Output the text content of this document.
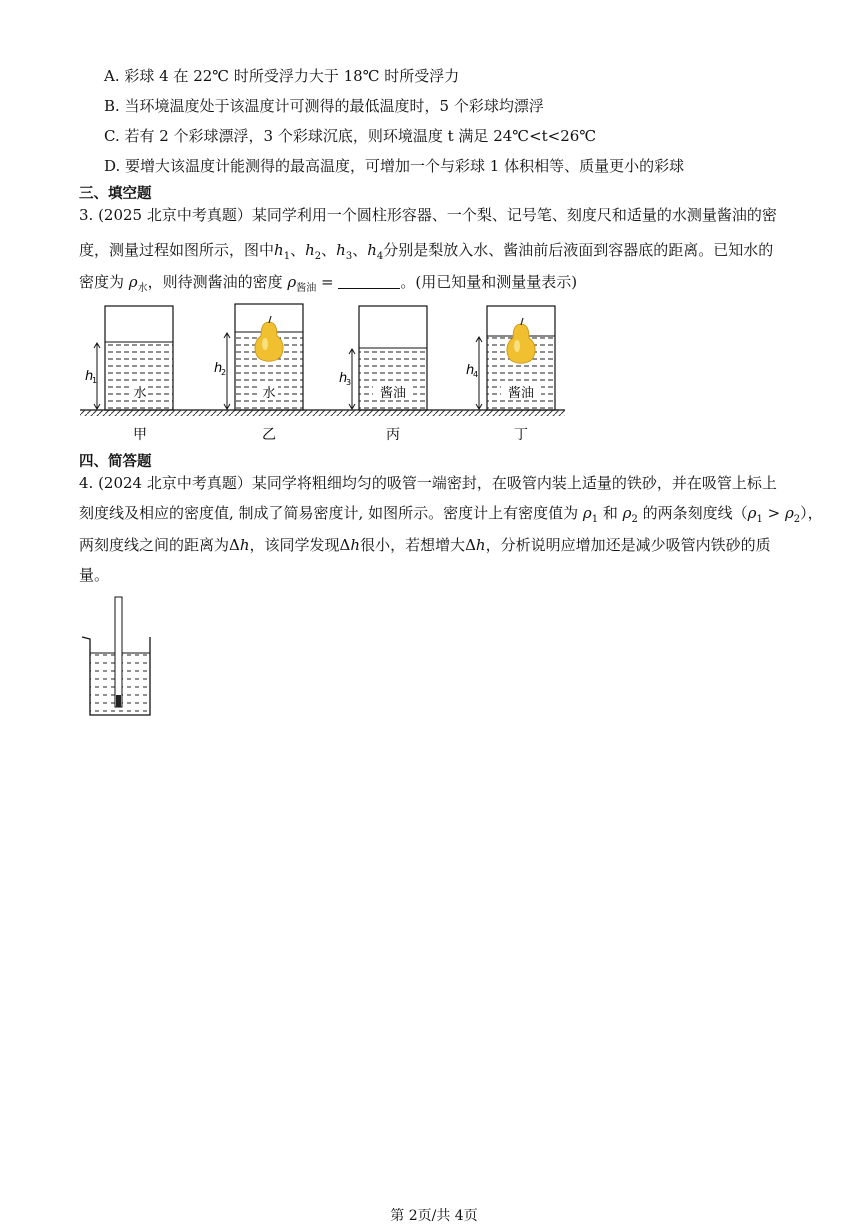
A. 彩球 4 在 22℃ 时所受浮力大于 18℃ 时所受浮力
B. 当环境温度处于该温度计可测得的最低温度时，5 个彩球均漂浮
C. 若有 2 个彩球漂浮，3 个彩球沉底，则环境温度 t 满足 24℃<t<26℃
D. 要增大该温度计能测得的最高温度，可增加一个与彩球 1 体积相等、质量更小的彩球
三、填空题
3. (2025 北京中考真题）某同学利用一个圆柱形容器、一个梨、记号笔、刻度尺和适量的水测量酱油的密
度，测量过程如图所示，图中$h_1$、$h_2$、$h_3$、$h_4$分别是梨放入水、酱油前后液面到容器底的距离。已知水的
密度为 $\rho_水$，则待测酱油的密度 $\rho_{酱油}$ =	。(用已知量和测量量表示)
水
h
1
水
h
2
酱油
h
3
酱油
h
4
甲	乙	丙	丁
四、简答题
4. (2024 北京中考真题）某同学将粗细均匀的吸管一端密封，在吸管内装上适量的铁砂，并在吸管上标上
刻度线及相应的密度值, 制成了简易密度计, 如图所示。密度计上有密度值为 $\rho_1$ 和 $\rho_2$ 的两条刻度线$(\rho_1 > \rho_2)$，
两刻度线之间的距离为Δh，该同学发现Δh很小，若想增大Δh，分析说明应增加还是减少吸管内铁砂的质
量。
第 2页/共 4页
